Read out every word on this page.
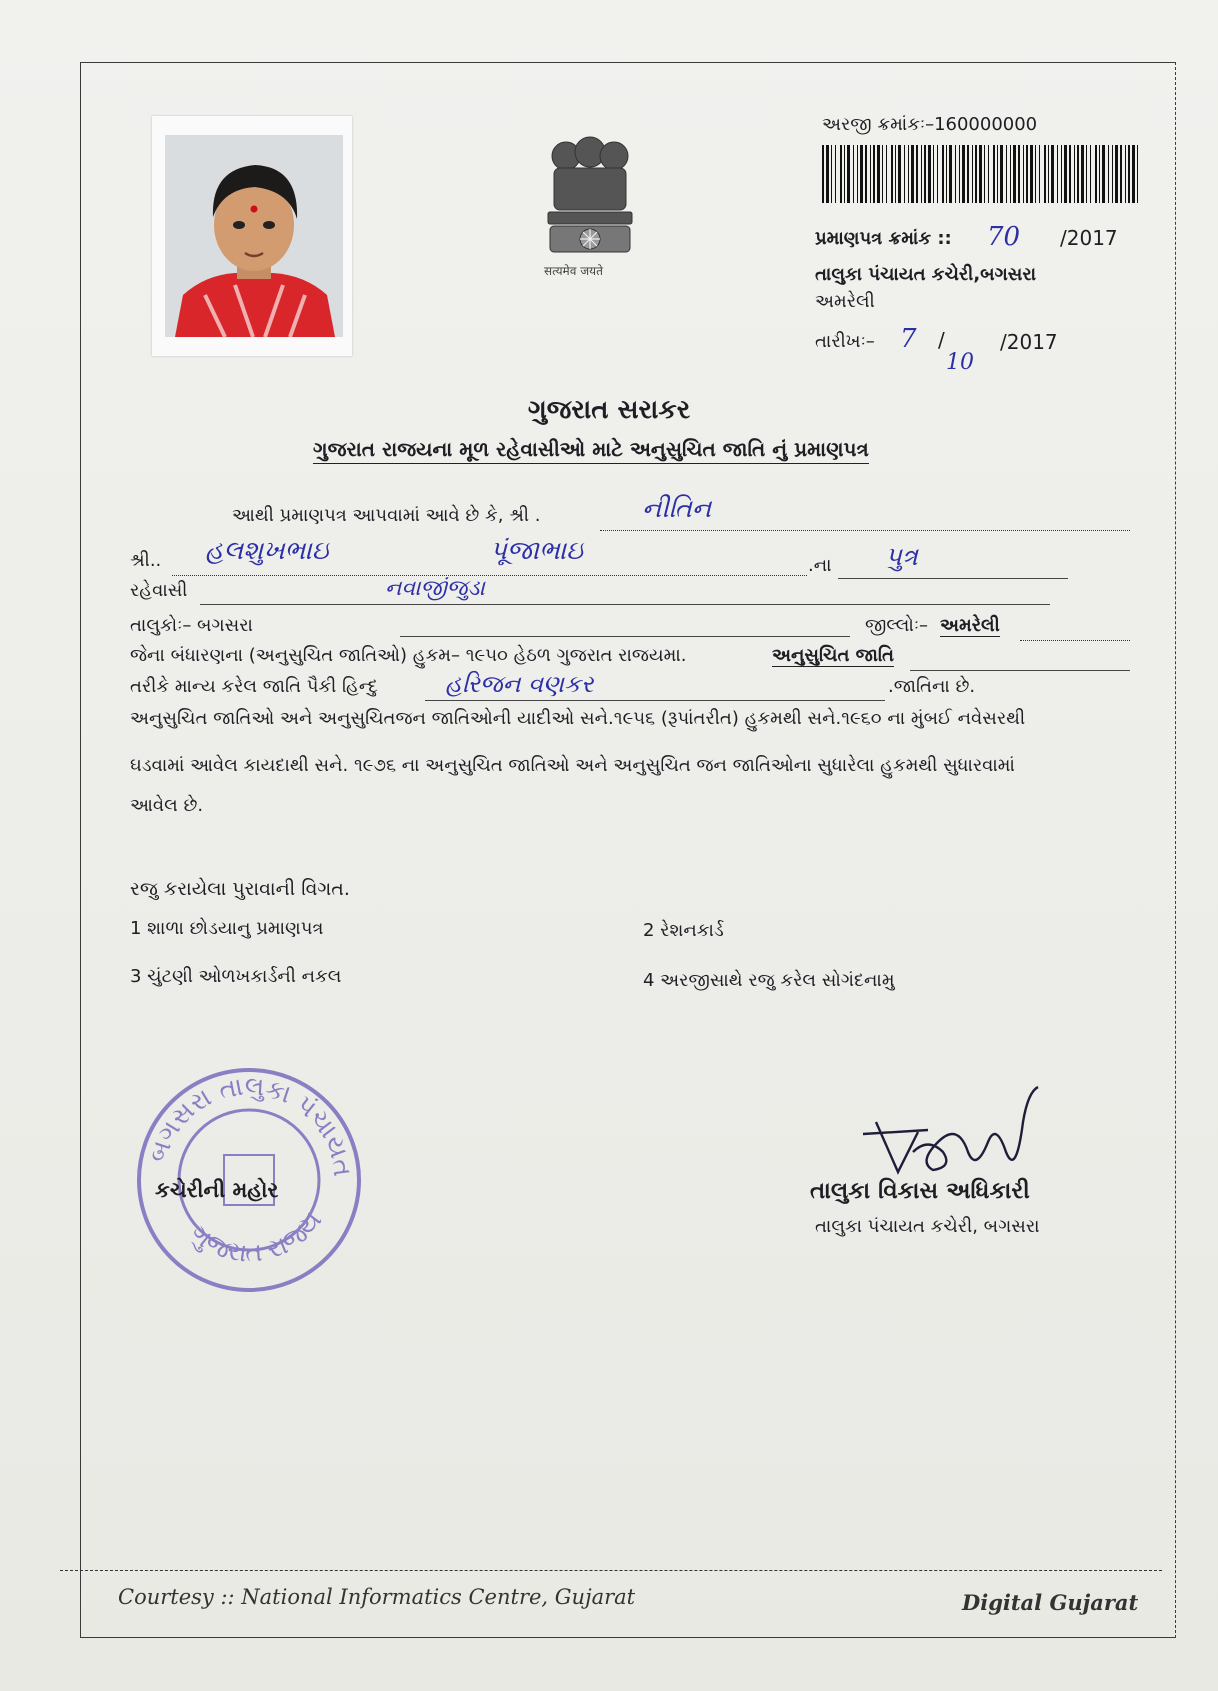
सत्यमेव जयते
અરજી ક્રમાંકઃ–160000000
પ્રમાણપત્ર ક્રમાંક :: 70 /2017
તાલુકા પંચાયત કચેરી,બગસરા
અમરેલી
તારીખઃ– 7 /
10
/2017
ગુજરાત સરાકર
ગુજરાત રાજયના મૂળ રહેવાસીઓ માટે અનુસુચિત જાતિ નું પ્રમાણપત્ર
આથી પ્રમાણપત્ર આપવામાં આવે છે કે, શ્રી .	નીતિન
શ્રી.. હલશુખભાઇ	પૂંજાભાઇ	.ના પુત્ર
રહેવાસી	નવાજીંજુડા
તાલુકોઃ– બગસરા	જીલ્લોઃ– અમરેલી
જેના બંધારણના (અનુસુચિત જાતિઓ) હુકમ– ૧૯૫૦ હેઠળ ગુજરાત રાજયમા.	અનુસુચિત જાતિ
તરીકે માન્ય કરેલ જાતિ પૈકી હિન્દુ	હરિજન વણકર	.જાતિના છે.
અનુસુચિત જાતિઓ અને અનુસુચિતજન જાતિઓની યાદીઓ સને.૧૯૫૬ (રૂપાંતરીત) હુકમથી સને.૧૯૬૦ ના મુંબઈ નવેસરથી
ઘડવામાં આવેલ કાયદાથી સને. ૧૯૭૬ ના અનુસુચિત જાતિઓ અને અનુસુચિત જન જાતિઓના સુધારેલા હુકમથી સુધારવામાં
આવેલ છે.
રજુ કરાયેલા પુરાવાની વિગત.
1 શાળા છોડયાનુ પ્રમાણપત્ર	2 રેશનકાર્ડ
3 ચુંટણી ઓળખકાર્ડની નકલ	4 અરજીસાથે રજુ કરેલ સોગંદનામુ
બગસરા તાલુકા પંચાયત
ગુજરાત રાજય
કચેરીની મહોર	તાલુકા વિકાસ અધિકારી
તાલુકા પંચાયત કચેરી, બગસરા
Courtesy :: National Informatics Centre, Gujarat	Digital Gujarat
